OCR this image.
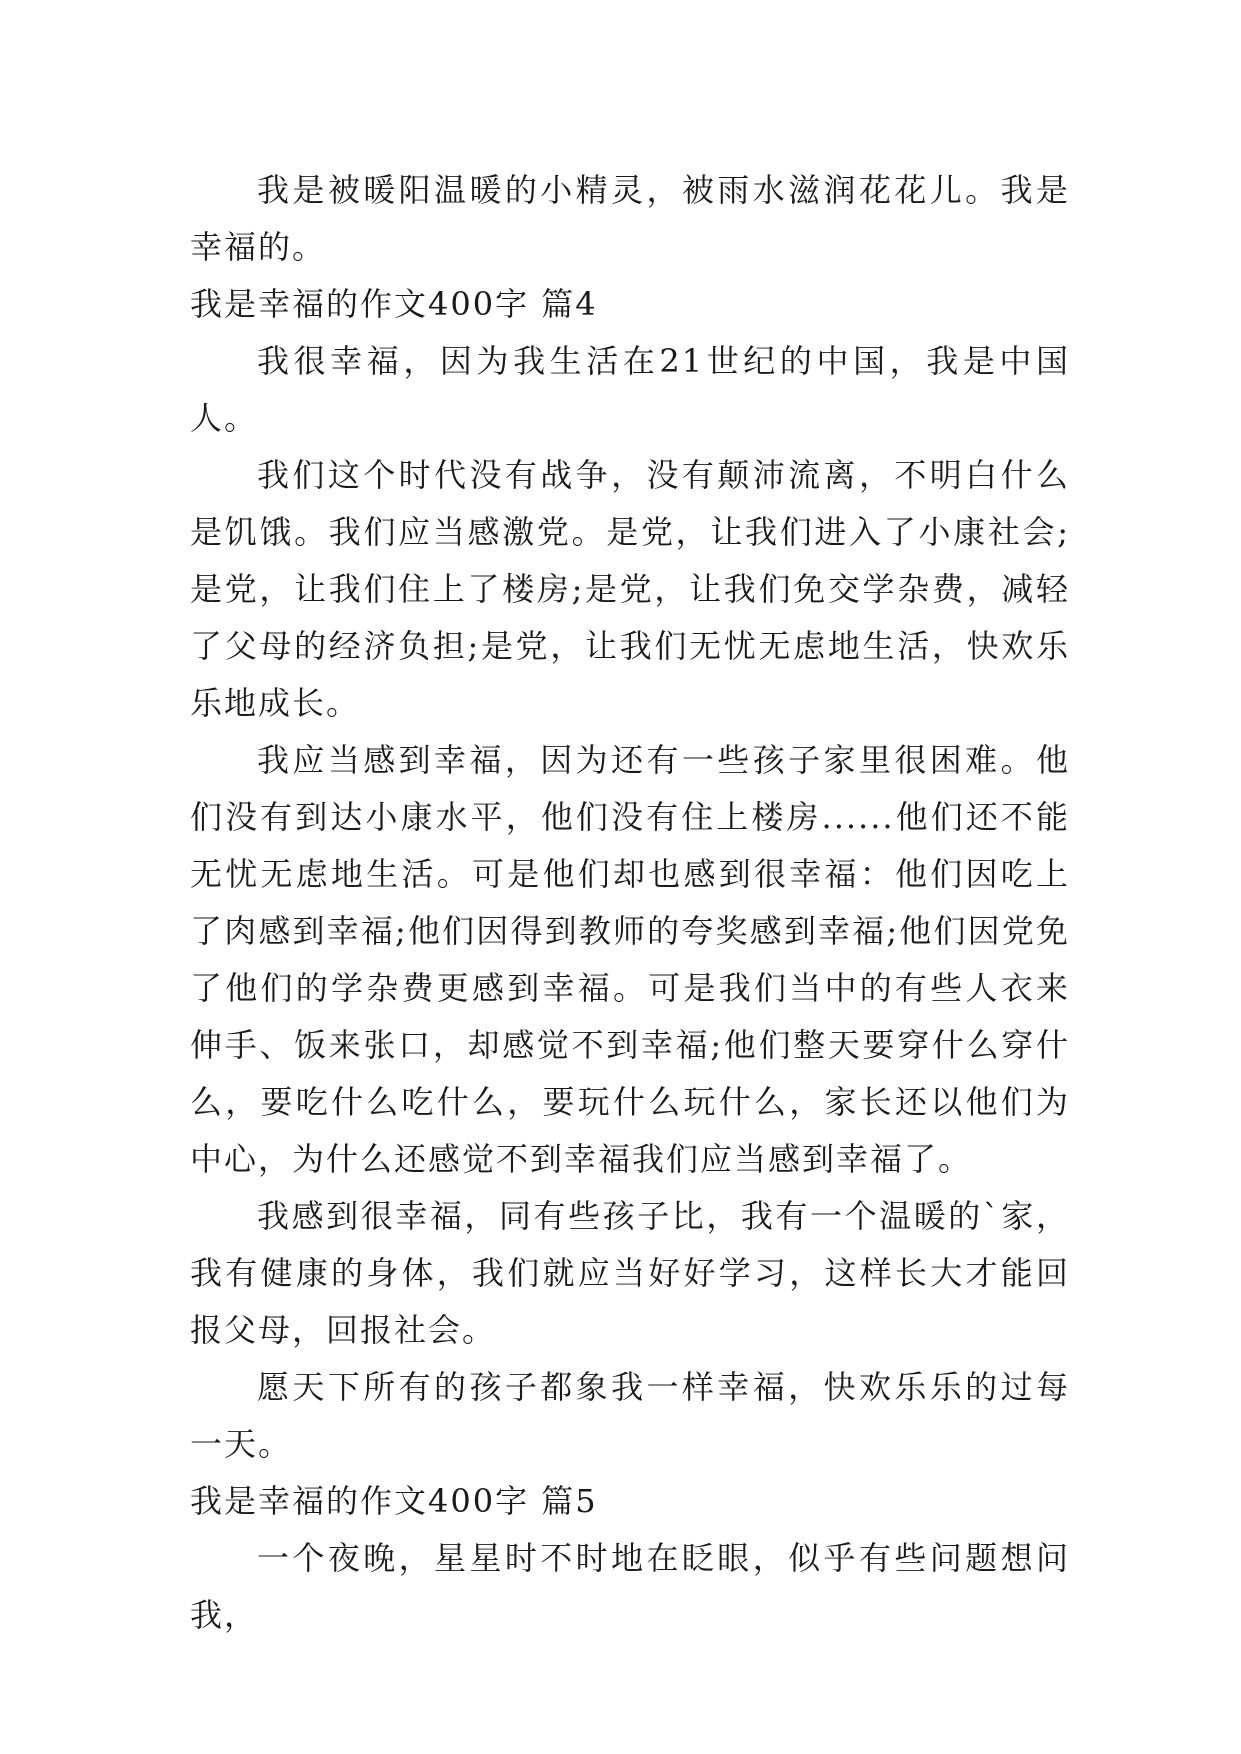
我是被暖阳温暖的小精灵，被雨水滋润花花儿。我是幸福的。

我是幸福的作文400字 篇4

我很幸福，因为我生活在21世纪的中国，我是中国人。

我们这个时代没有战争，没有颠沛流离，不明白什么是饥饿。我们应当感激党。是党，让我们进入了小康社会;是党，让我们住上了楼房;是党，让我们免交学杂费，减轻了父母的经济负担;是党，让我们无忧无虑地生活，快欢乐乐地成长。

我应当感到幸福，因为还有一些孩子家里很困难。他们没有到达小康水平，他们没有住上楼房......他们还不能无忧无虑地生活。可是他们却也感到很幸福：他们因吃上了肉感到幸福;他们因得到教师的夸奖感到幸福;他们因党免了他们的学杂费更感到幸福。可是我们当中的有些人衣来伸手、饭来张口，却感觉不到幸福;他们整天要穿什么穿什么，要吃什么吃什么，要玩什么玩什么，家长还以他们为中心，为什么还感觉不到幸福我们应当感到幸福了。

我感到很幸福，同有些孩子比，我有一个温暖的`家，我有健康的身体，我们就应当好好学习，这样长大才能回报父母，回报社会。

愿天下所有的孩子都象我一样幸福，快欢乐乐的过每一天。

我是幸福的作文400字 篇5

一个夜晚，星星时不时地在眨眼，似乎有些问题想问我，
